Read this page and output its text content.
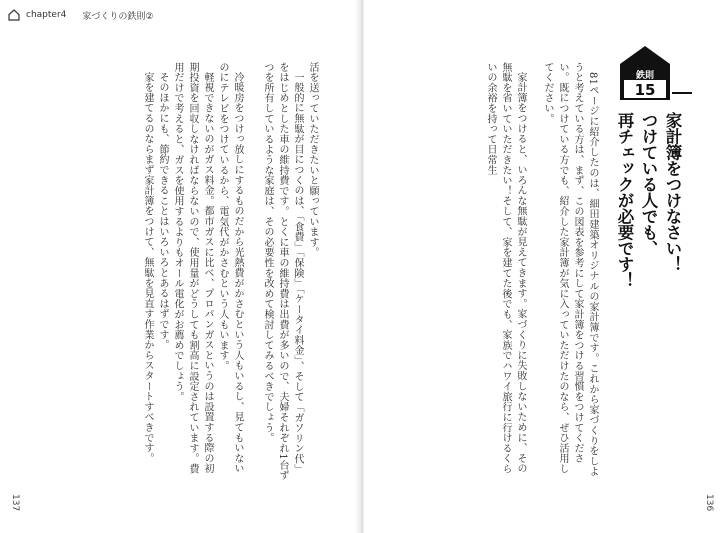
chapter4 家づくりの鉄則②

活を送っていただきたいと願っています。

一般的に無駄が目につくのは、「食費」「保険」「ケータイ料金」、そして「ガソリン代」をはじめとした車の維持費です。とくに車の維持費は出費が多いので、夫婦それぞれ1台ずつを所有しているような家庭は、その必要性を改めて検討してみるべきでしょう。

冷暖房をつけっ放しにするものだから光熱費がかさむという人もいるし、見てもいないのにテレビをつけているから、電気代がかさむという人もいます。

軽視できないのがガス料金。都市ガスに比べ、プロパンガスというのは設置する際の初期投資を回収しなければならないので、使用量がどうしても割高に設定されています。費用だけで考えると、ガスを使用するよりもオール電化がお薦めでしょう。

そのほかにも、節約できることはいろいろとあるはずです。

家を建てるのならまず家計簿をつけて、無駄を見直す作業からスタートすべきです。

137	136

81ページに紹介したのは、細田建築オリジナルの家計簿です。これから家づくりをしようと考えている方は、まず、この図表を参考にして家計簿をつける習慣をつけてください。既につけている方でも、紹介した家計簿が気に入っていただけたのなら、ぜひ活用してください。

家計簿をつけると、いろんな無駄が見えてきます。家づくりに失敗しないために、その無駄を省いていただきたい！そして、家を建てた後でも、家族でハワイ旅行に行けるくらいの余裕を持って日常生	鉄則
15
家計簿をつけなさい！
つけている人でも、
再チェックが必要です！
